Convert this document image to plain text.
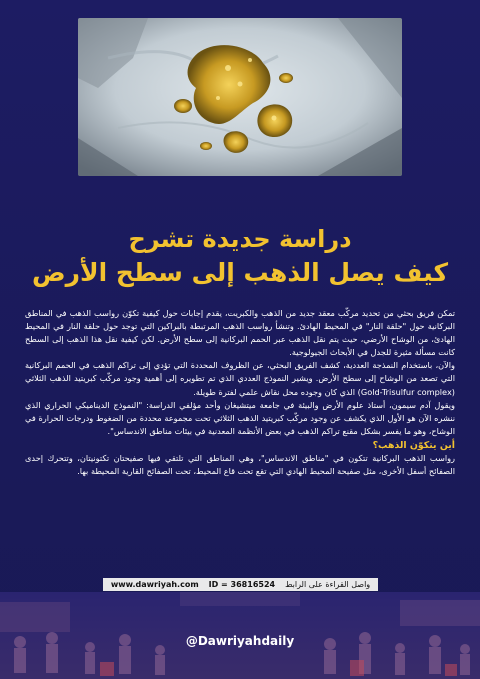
دراسة جديدة تشرح
كيف يصل الذهب إلى سطح الأرض

تمكن فريق بحثي من تحديد مركّب معقد جديد من الذهب والكبريت، يقدم إجابات حول كيفية تكوّن رواسب الذهب في المناطق البركانية حول "حلقة النار" في المحيط الهادئ. وتنشأ رواسب الذهب المرتبطة بالبراكين التي توجد حول حلقة النار في المحيط الهادئ، من الوشاح الأرضي، حيث يتم نقل الذهب عبر الحمم البركانية إلى سطح الأرض. لكن كيفية نقل هذا الذهب إلى السطح كانت مسألة مثيرة للجدل في الأبحاث الجيولوجية.

والآن، باستخدام النمذجة العددية، كشف الفريق البحثي، عن الظروف المحددة التي تؤدي إلى تراكم الذهب في الحمم البركانية التي تصعد من الوشاح إلى سطح الأرض. ويشير النموذج العددي الذي تم تطويره إلى أهمية وجود مركّب كبريتيد الذهب الثلاثي (Gold-Trisulfur complex) الذي كان وجوده محل نقاش علمي لفترة طويلة.

ويقول آدم سيمون، أستاذ علوم الأرض والبيئة في جامعة ميتشيغان وأحد مؤلفي الدراسة: "النموذج الديناميكي الحراري الذي ننشره الآن هو الأول الذي يكشف عن وجود مركّب كبريتيد الذهب الثلاثي تحت مجموعة محددة من الضغوط ودرجات الحرارة في الوشاح، وهو ما يفسر بشكل مقنع تراكم الذهب في بعض الأنظمة المعدنية في بيئات مناطق الاندساس".

أين يتكوّن الذهب؟

رواسب الذهب البركانية تتكون في "مناطق الاندساس"، وهي المناطق التي تلتقي فيها صفيحتان تكتونيتان، وتتحرك إحدى الصفائح أسفل الأخرى، مثل صفيحة المحيط الهادي التي تقع تحت قاع المحيط، تحت الصفائح القارية المحيطة بها.

www.dawriyah.com ID = 36816524 واصل القراءة على الرابط
@Dawriyahdaily
